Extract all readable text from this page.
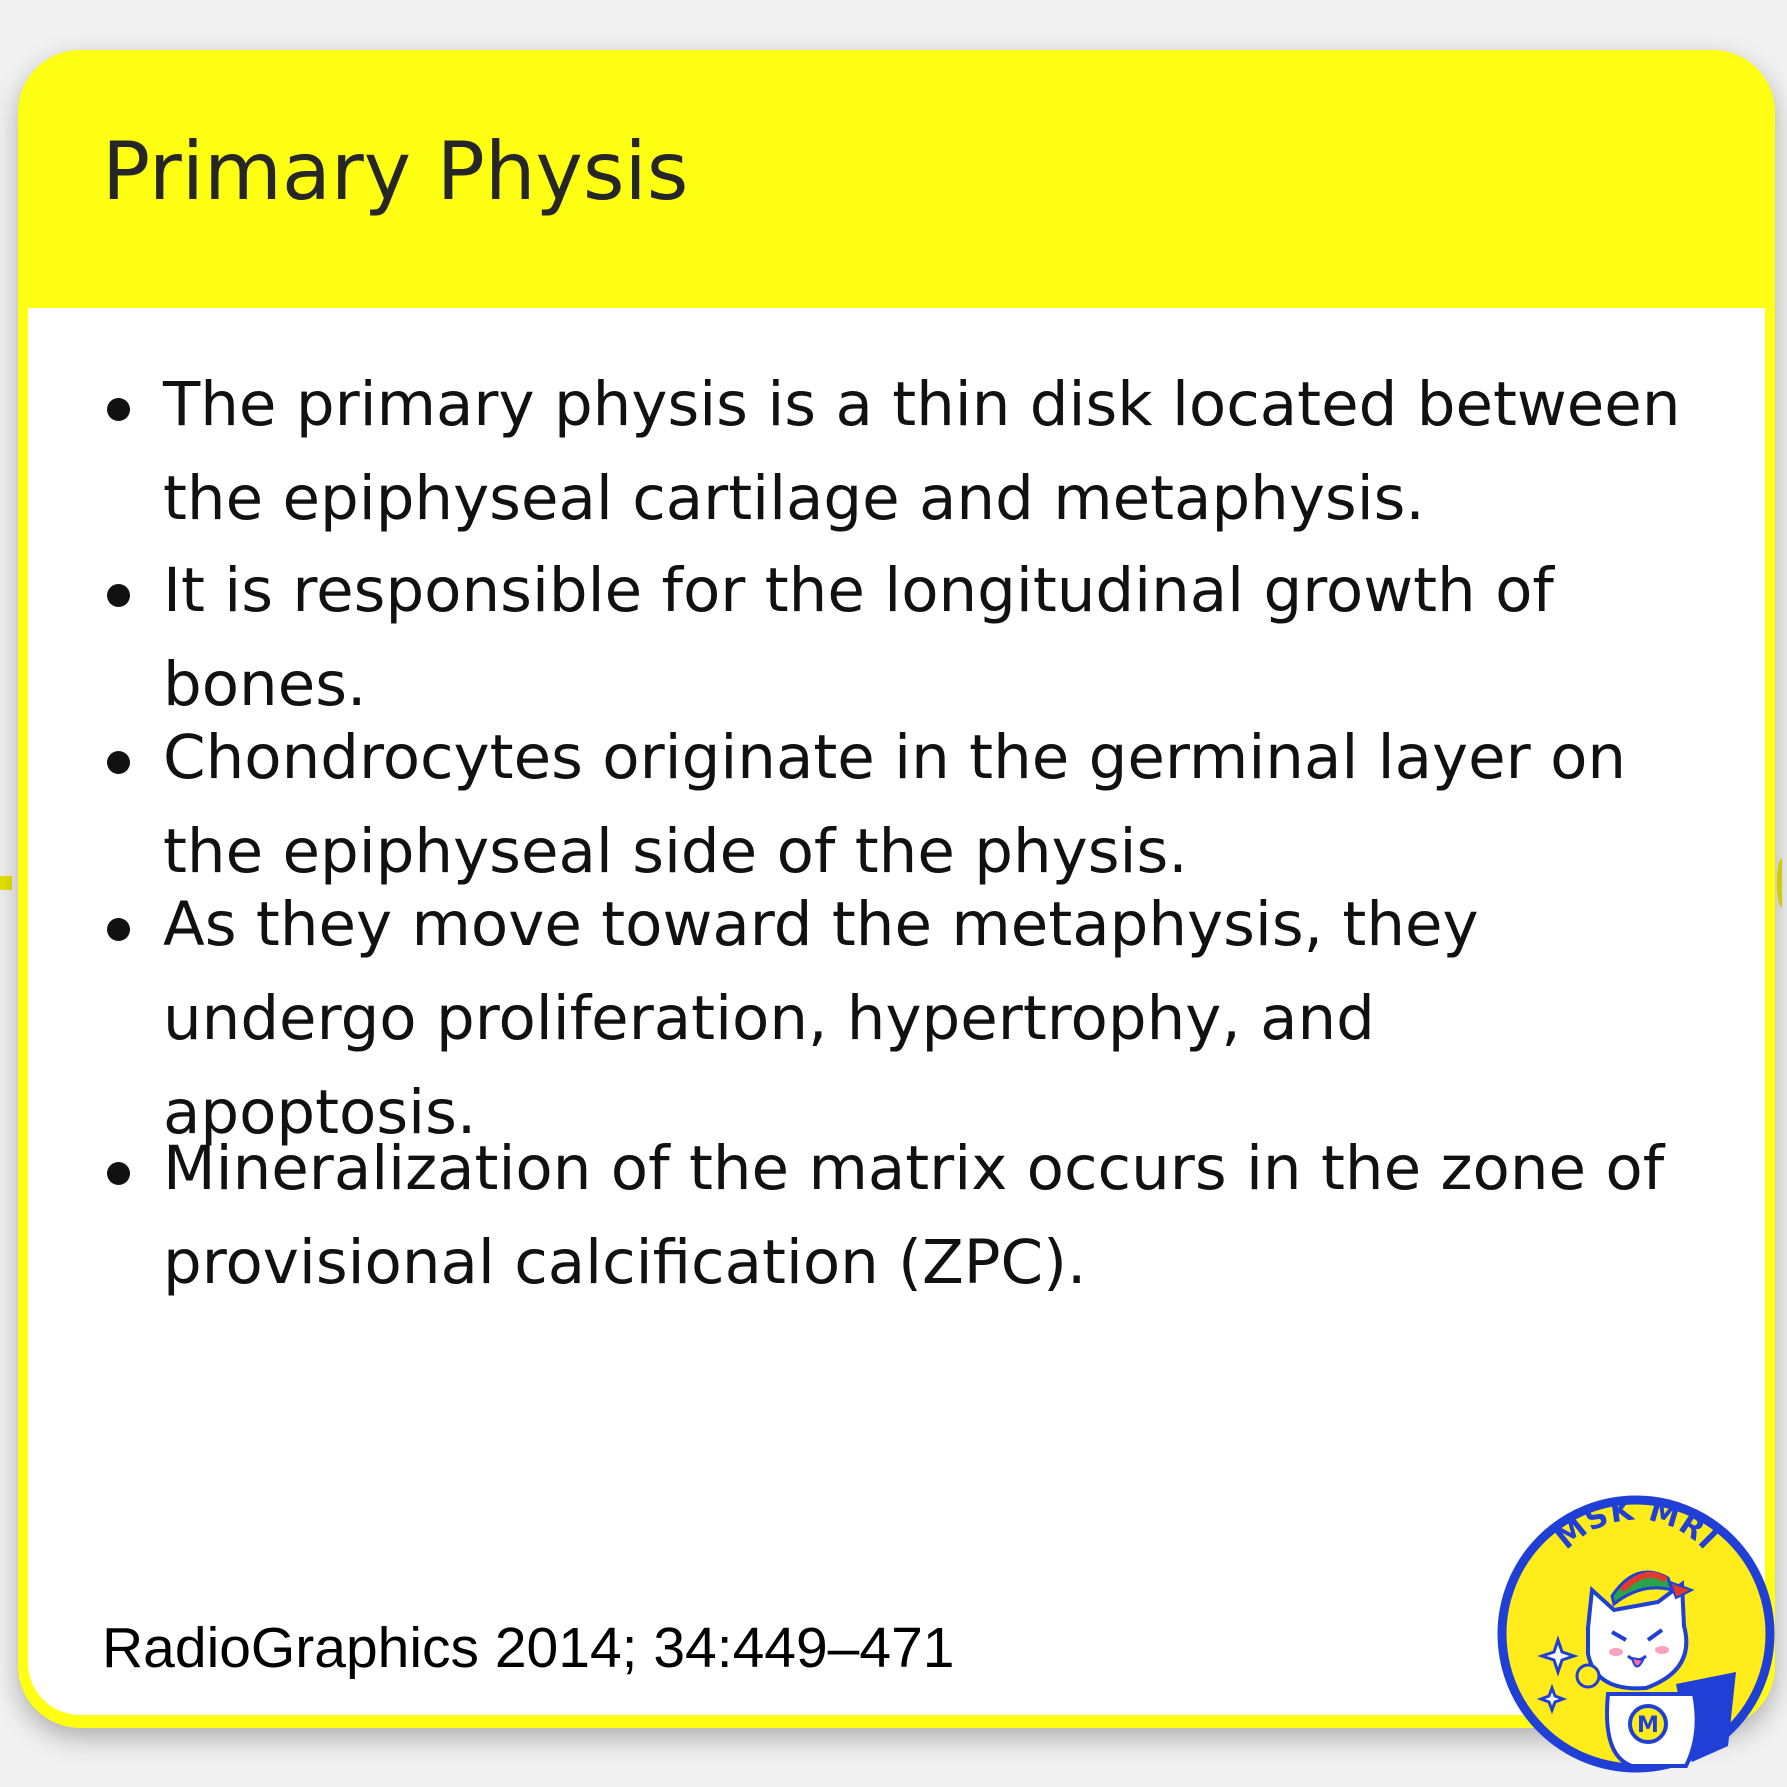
Primary Physis

The primary physis is a thin disk located between
the epiphyseal cartilage and metaphysis.

It is responsible for the longitudinal growth of
bones.

Chondrocytes originate in the germinal layer on
the epiphyseal side of the physis.

As they move toward the metaphysis, they
undergo proliferation, hypertrophy, and
apoptosis.

Mineralization of the matrix occurs in the zone of
provisional calcification (ZPC).

RadioGraphics 2014; 34:449–471

MSK MRI
M
